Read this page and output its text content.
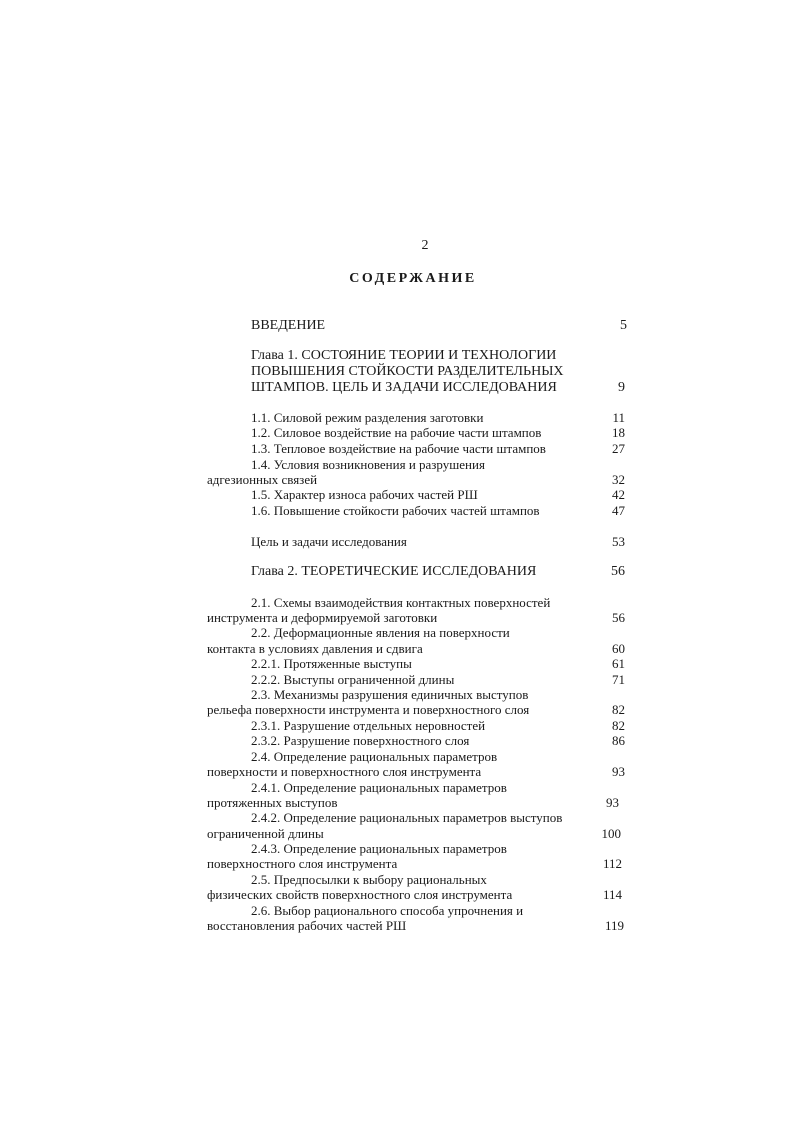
2
СОДЕРЖАНИЕ
ВВЕДЕНИЕ	5
Глава 1. СОСТОЯНИЕ ТЕОРИИ И ТЕХНОЛОГИИ
ПОВЫШЕНИЯ СТОЙКОСТИ РАЗДЕЛИТЕЛЬНЫХ
ШТАМПОВ. ЦЕЛЬ И ЗАДАЧИ ИССЛЕДОВАНИЯ	9
1.1. Силовой режим разделения заготовки	11
1.2. Силовое воздействие на рабочие части штампов	18
1.3. Тепловое воздействие на рабочие части штампов	27
1.4. Условия возникновения и разрушения
адгезионных связей	32
1.5. Характер износа рабочих частей РШ	42
1.6. Повышение стойкости рабочих частей штампов	47
Цель и задачи исследования	53
Глава 2. ТЕОРЕТИЧЕСКИЕ ИССЛЕДОВАНИЯ	56
2.1. Схемы взаимодействия контактных поверхностей
инструмента и деформируемой заготовки	56
2.2. Деформационные явления на поверхности
контакта в условиях давления и сдвига	60
2.2.1. Протяженные выступы	61
2.2.2. Выступы ограниченной длины	71
2.3. Механизмы разрушения единичных выступов
рельефа поверхности инструмента и поверхностного слоя	82
2.3.1. Разрушение отдельных неровностей	82
2.3.2. Разрушение поверхностного слоя	86
2.4. Определение рациональных параметров
поверхности и поверхностного слоя инструмента	93
2.4.1. Определение рациональных параметров
протяженных выступов	93
2.4.2. Определение рациональных параметров выступов
ограниченной длины	100
2.4.3. Определение рациональных параметров
поверхностного слоя инструмента	112
2.5. Предпосылки к выбору рациональных
физических свойств поверхностного слоя инструмента	114
2.6. Выбор рационального способа упрочнения и
восстановления рабочих частей РШ	119
